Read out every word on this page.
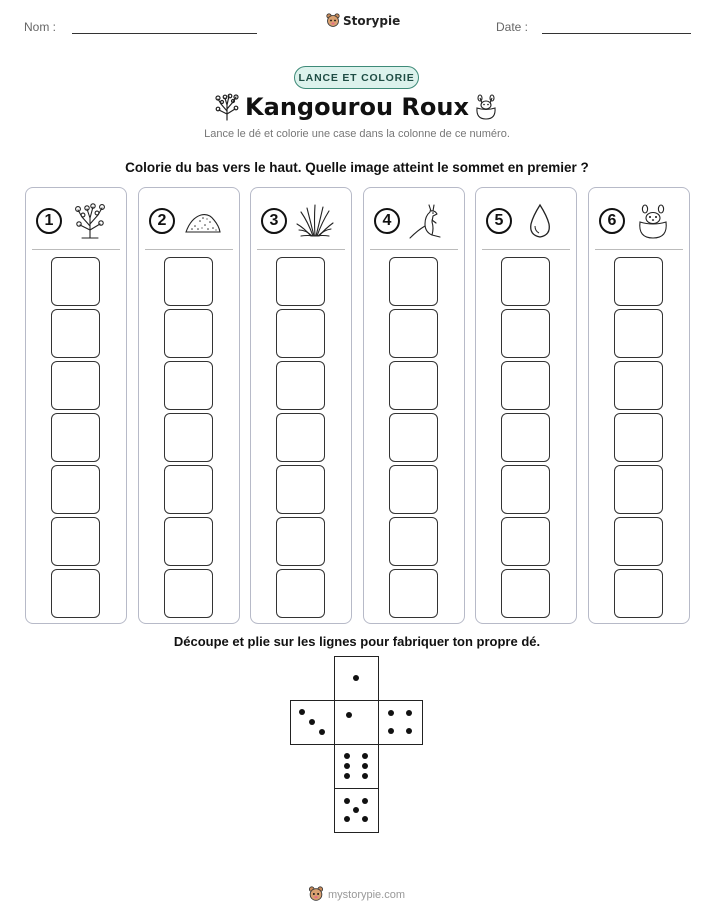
Nom :	Storypie	Date :
LANCE ET COLORIE
Kangourou Roux
Lance le dé et colorie une case dans la colonne de ce numéro.
Colorie du bas vers le haut. Quelle image atteint le sommet en premier ?
1	2	3	4	5	6
Découpe et plie sur les lignes pour fabriquer ton propre dé.
mystorypie.com
